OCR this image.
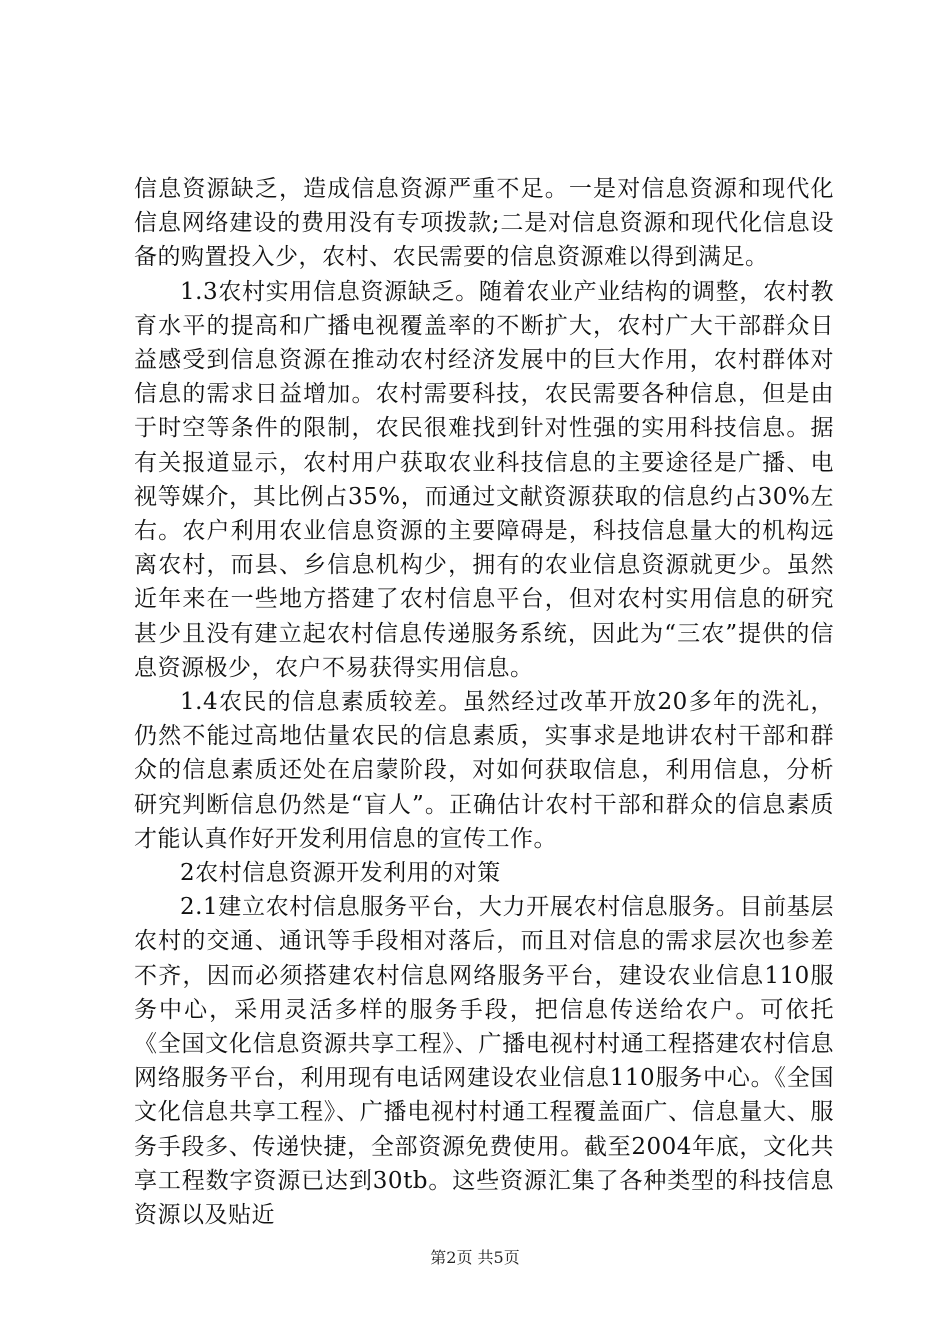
信息资源缺乏，造成信息资源严重不足。一是对信息资源和现代化信息网络建设的费用没有专项拨款;二是对信息资源和现代化信息设备的购置投入少，农村、农民需要的信息资源难以得到满足。

1.3农村实用信息资源缺乏。随着农业产业结构的调整，农村教育水平的提高和广播电视覆盖率的不断扩大，农村广大干部群众日益感受到信息资源在推动农村经济发展中的巨大作用，农村群体对信息的需求日益增加。农村需要科技，农民需要各种信息，但是由于时空等条件的限制，农民很难找到针对性强的实用科技信息。据有关报道显示，农村用户获取农业科技信息的主要途径是广播、电视等媒介，其比例占35%，而通过文献资源获取的信息约占30%左右。农户利用农业信息资源的主要障碍是，科技信息量大的机构远离农村，而县、乡信息机构少，拥有的农业信息资源就更少。虽然近年来在一些地方搭建了农村信息平台，但对农村实用信息的研究甚少且没有建立起农村信息传递服务系统，因此为“三农”提供的信息资源极少，农户不易获得实用信息。

1.4农民的信息素质较差。虽然经过改革开放20多年的洗礼，仍然不能过高地估量农民的信息素质，实事求是地讲农村干部和群众的信息素质还处在启蒙阶段，对如何获取信息，利用信息，分析研究判断信息仍然是“盲人”。正确估计农村干部和群众的信息素质才能认真作好开发利用信息的宣传工作。

2农村信息资源开发利用的对策

2.1建立农村信息服务平台，大力开展农村信息服务。目前基层农村的交通、通讯等手段相对落后，而且对信息的需求层次也参差不齐，因而必须搭建农村信息网络服务平台，建设农业信息110服务中心，采用灵活多样的服务手段，把信息传送给农户。可依托《全国文化信息资源共享工程》、广播电视村村通工程搭建农村信息网络服务平台，利用现有电话网建设农业信息110服务中心。《全国文化信息共享工程》、广播电视村村通工程覆盖面广、信息量大、服务手段多、传递快捷，全部资源免费使用。截至2004年底，文化共享工程数字资源已达到30tb。这些资源汇集了各种类型的科技信息资源以及贴近

第2页 共5页
